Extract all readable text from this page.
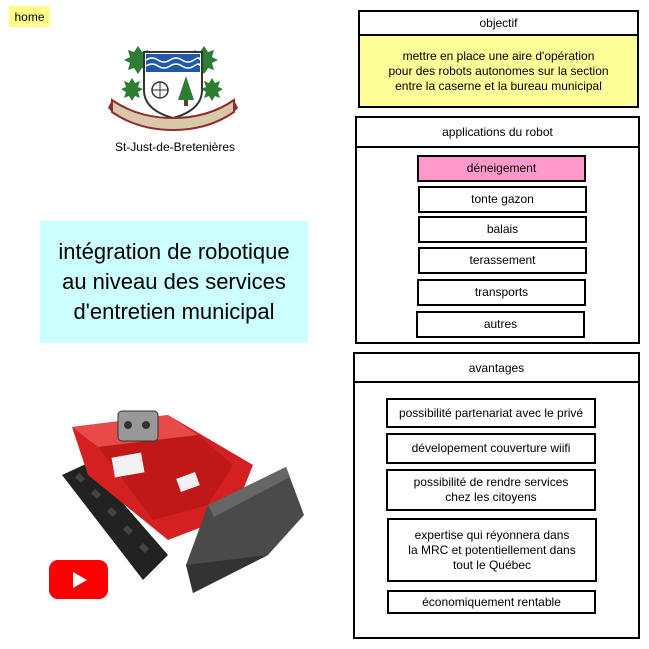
home
St-Just-de-Bretenières
intégration de robotique
au niveau des services
d'entretien municipal
objectif
mettre en place une aire d'opération
pour des robots autonomes sur la section
entre la caserne et la bureau municipal
applications du robot
déneigement
tonte gazon
balais
terassement
transports
autres
avantages
possibilité partenariat avec le privé
dévelopement couverture wiifi
possibilité de rendre services
chez les citoyens
expertise qui réyonnera dans
la MRC et potentiellement dans
tout le Québec
économiquement rentable
